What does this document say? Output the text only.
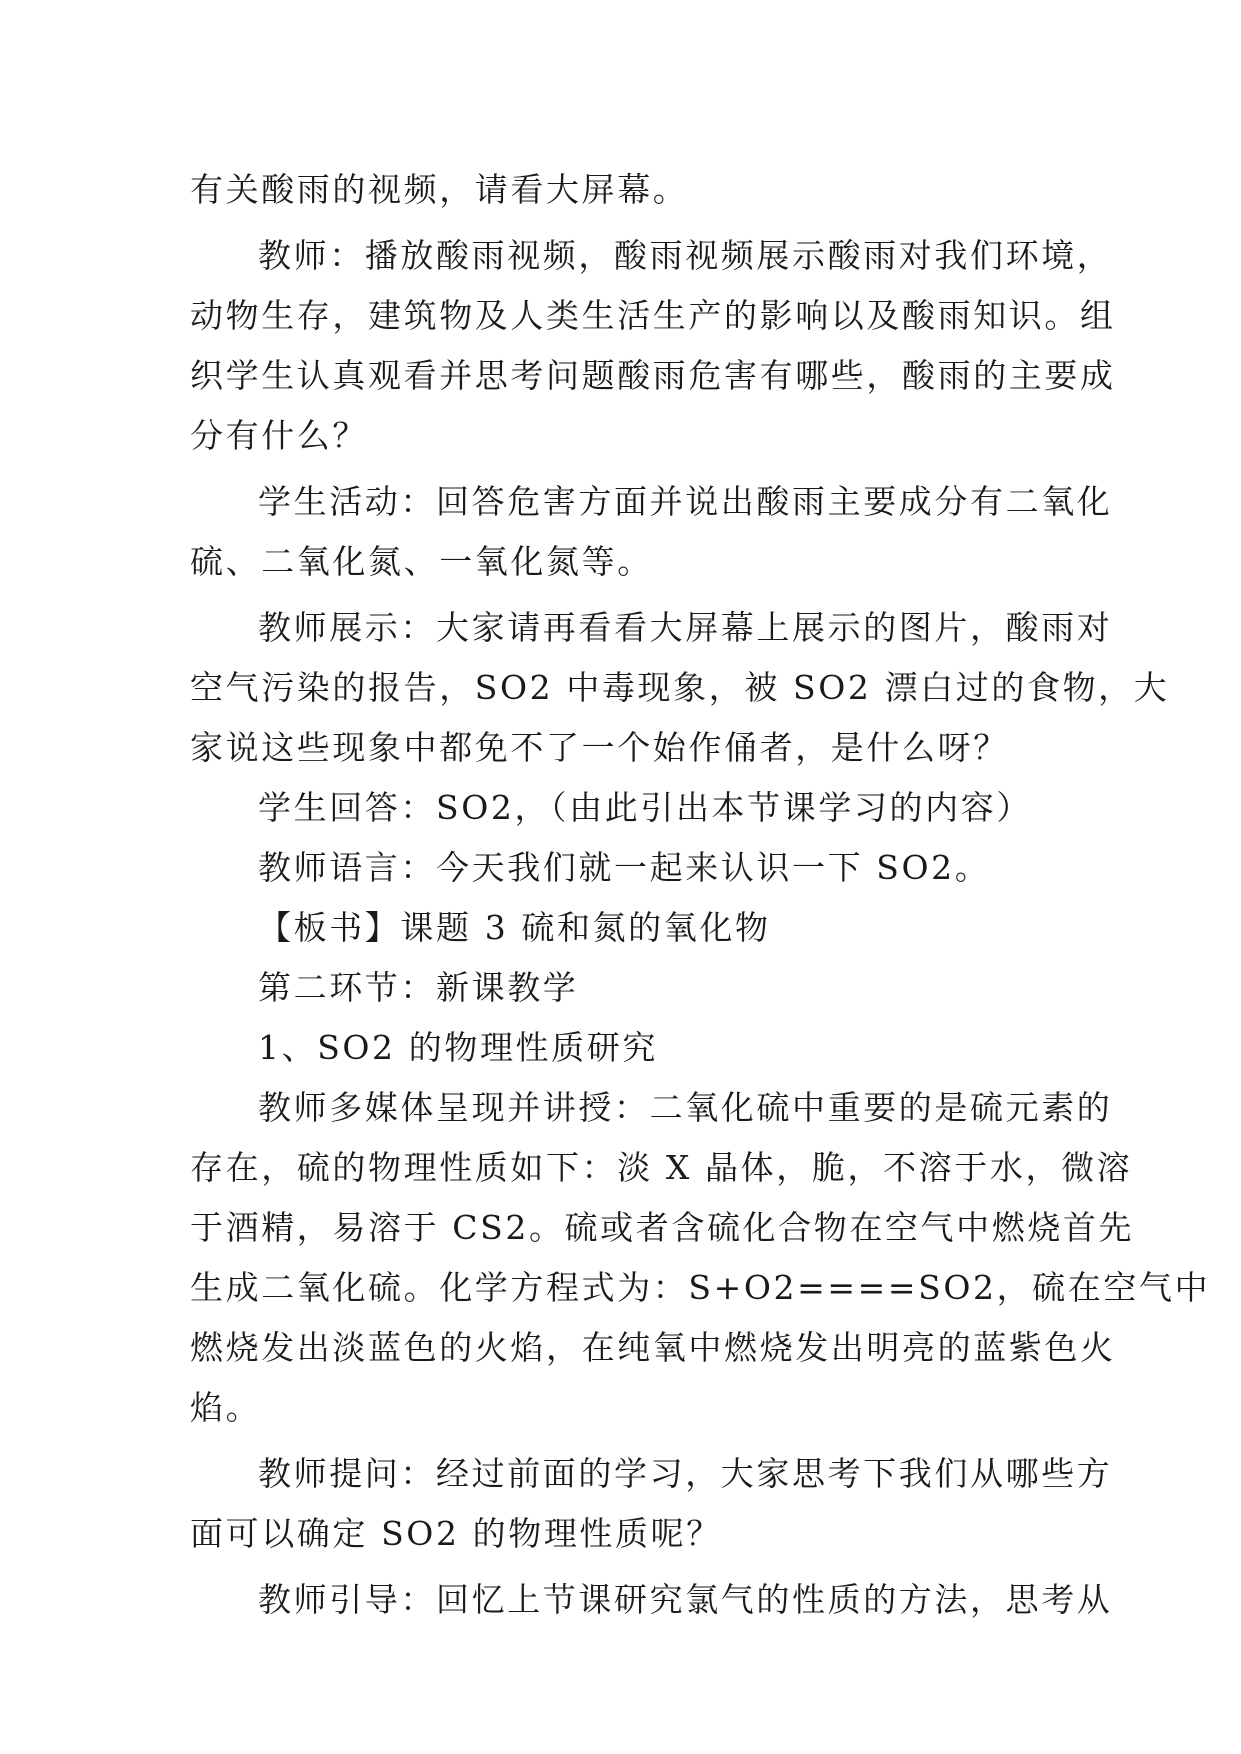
有关酸雨的视频，请看大屏幕。
教师：播放酸雨视频，酸雨视频展示酸雨对我们环境，
动物生存，建筑物及人类生活生产的影响以及酸雨知识。组
织学生认真观看并思考问题酸雨危害有哪些，酸雨的主要成
分有什么？
学生活动：回答危害方面并说出酸雨主要成分有二氧化
硫、二氧化氮、一氧化氮等。
教师展示：大家请再看看大屏幕上展示的图片，酸雨对
空气污染的报告，SO2 中毒现象，被 SO2 漂白过的食物，大
家说这些现象中都免不了一个始作俑者，是什么呀？
学生回答：SO2，（由此引出本节课学习的内容）
教师语言：今天我们就一起来认识一下 SO2。
【板书】课题 3 硫和氮的氧化物
第二环节：新课教学
1、SO2 的物理性质研究
教师多媒体呈现并讲授：二氧化硫中重要的是硫元素的
存在，硫的物理性质如下：淡 X 晶体，脆，不溶于水，微溶
于酒精，易溶于 CS2。硫或者含硫化合物在空气中燃烧首先
生成二氧化硫。化学方程式为：S+O2====SO2，硫在空气中
燃烧发出淡蓝色的火焰，在纯氧中燃烧发出明亮的蓝紫色火
焰。
教师提问：经过前面的学习，大家思考下我们从哪些方
面可以确定 SO2 的物理性质呢？
教师引导：回忆上节课研究氯气的性质的方法，思考从
